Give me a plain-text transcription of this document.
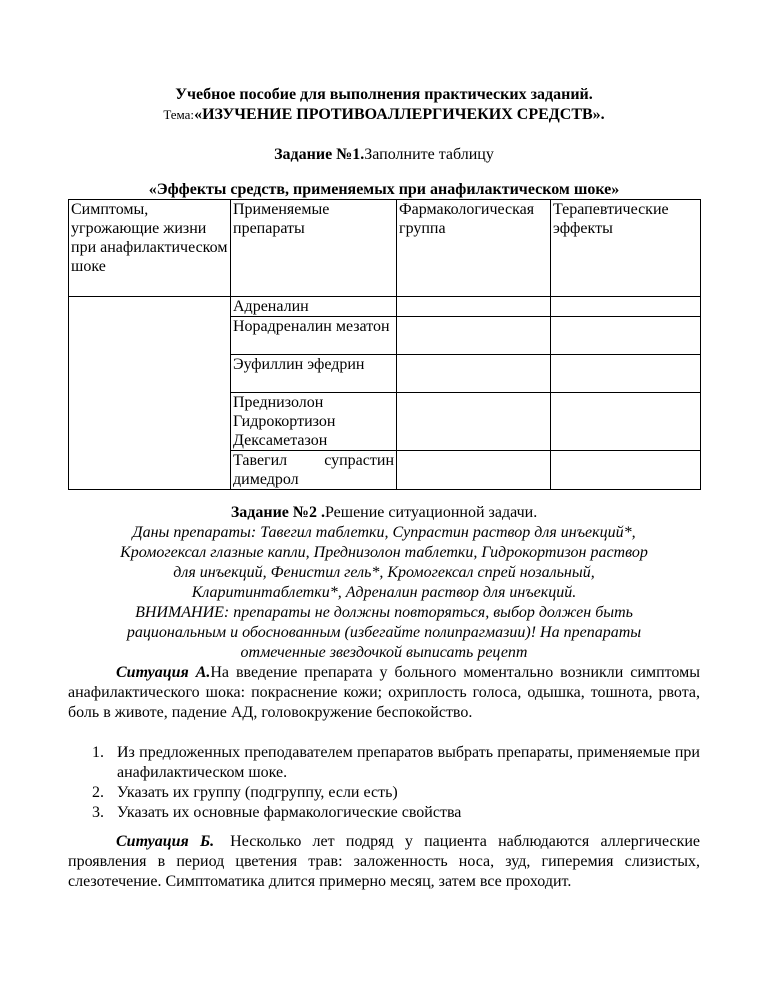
Учебное пособие для выполнения практических заданий.
Тема:«ИЗУЧЕНИЕ ПРОТИВОАЛЛЕРГИЧЕКИХ СРЕДСТВ».
Задание №1.Заполните таблицу
«Эффекты средств, применяемых при анафилактическом шоке»
Симптомы, угрожающие жизни при анафилактическом шоке	Применяемые препараты	Фармакологическая группа	Терапевтические эффекты
	Адреналин		
	Норадреналин мезатон		
	Эуфиллин эфедрин		
	Преднизолон Гидрокортизон Дексаметазон		
	Тавегил супрастин димедрол		
Задание №2 .Решение ситуационной задачи.
Даны препараты: Тавегил таблетки, Супрастин раствор для инъекций*,
Кромогексал глазные капли, Преднизолон таблетки, Гидрокортизон раствор
для инъекций, Фенистил гель*, Кромогексал спрей нозальный,
Кларитинтаблетки*, Адреналин раствор для инъекций.
ВНИМАНИЕ: препараты не должны повторяться, выбор должен быть
рациональным и обоснованным (избегайте полипрагмазии)! На препараты
отмеченные звездочкой выписать рецепт
Ситуация А.На введение препарата у больного моментально возникли симптомы анафилактического шока: покраснение кожи; охриплость голоса, одышка, тошнота, рвота, боль в животе, падение АД, головокружение беспокойство.
1. Из предложенных преподавателем препаратов выбрать препараты, применяемые при анафилактическом шоке.
2. Указать их группу (подгруппу, если есть)
3. Указать их основные фармакологические свойства
Ситуация Б.  Несколько лет подряд у пациента наблюдаются аллергические проявления в период цветения трав: заложенность носа, зуд, гиперемия слизистых, слезотечение. Симптоматика длится примерно месяц, затем все проходит.
